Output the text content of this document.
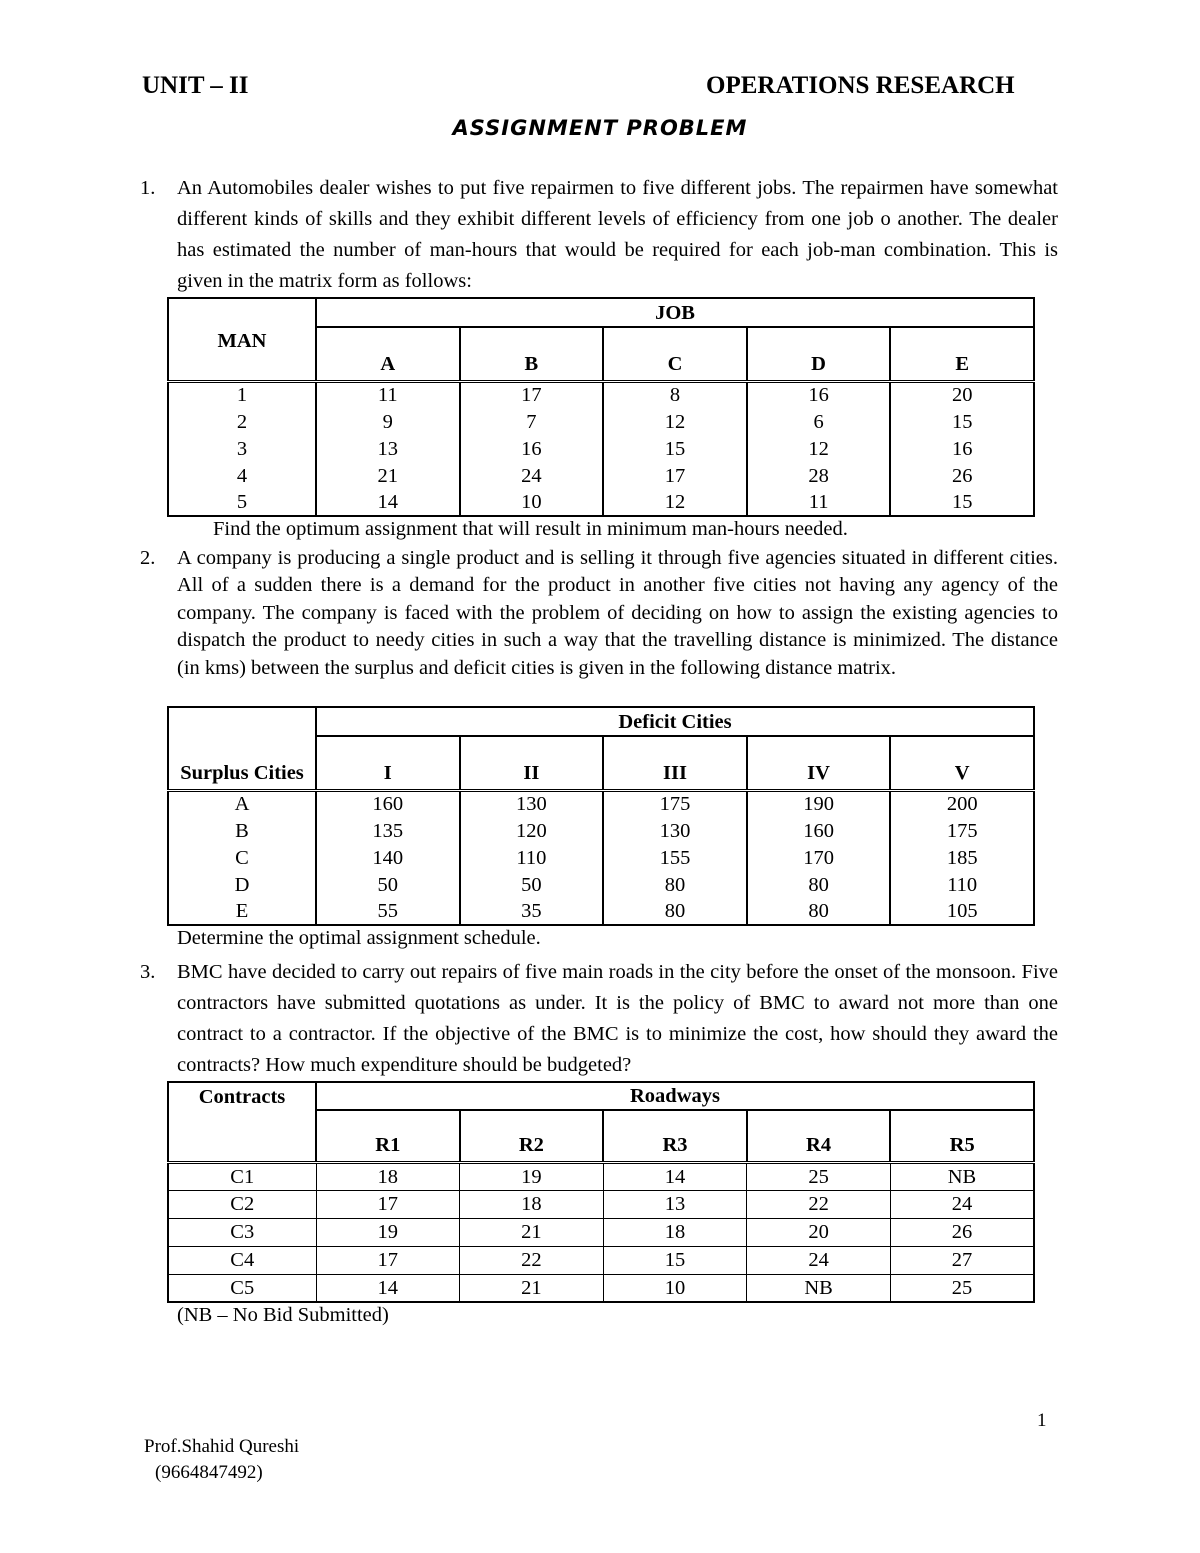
UNIT – II	OPERATIONS RESEARCH
ASSIGNMENT PROBLEM
1. An Automobiles dealer wishes to put five repairmen to five different jobs. The repairmen have somewhat different kinds of skills and they exhibit different levels of efficiency from one job o another. The dealer has estimated the number of man-hours that would be required for each job-man combination. This is given in the matrix form as follows:
MAN	JOB				
	A	B	C	D	E
1	11	17	8	16	20
2	9	7	12	6	15
3	13	16	15	12	16
4	21	24	17	28	26
5	14	10	12	11	15
Find the optimum assignment that will result in minimum man-hours needed.
2. A company is producing a single product and is selling it through five agencies situated in different cities. All of a sudden there is a demand for the product in another five cities not having any agency of the company. The company is faced with the problem of deciding on how to assign the existing agencies to dispatch the product to needy cities in such a way that the travelling distance is minimized. The distance (in kms) between the surplus and deficit cities is given in the following distance matrix.
Surplus Cities	Deficit Cities				
	I	II	III	IV	V
A	160	130	175	190	200
B	135	120	130	160	175
C	140	110	155	170	185
D	50	50	80	80	110
E	55	35	80	80	105
Determine the optimal assignment schedule.
3. BMC have decided to carry out repairs of five main roads in the city before the onset of the monsoon. Five contractors have submitted quotations as under. It is the policy of BMC to award not more than one contract to a contractor. If the objective of the BMC is to minimize the cost, how should they award the contracts? How much expenditure should be budgeted?
Contracts	Roadways				
	R1	R2	R3	R4	R5
C1	18	19	14	25	NB
C2	17	18	13	22	24
C3	19	21	18	20	26
C4	17	22	15	24	27
C5	14	21	10	NB	25
(NB – No Bid Submitted)
1
Prof.Shahid Qureshi
(9664847492)
